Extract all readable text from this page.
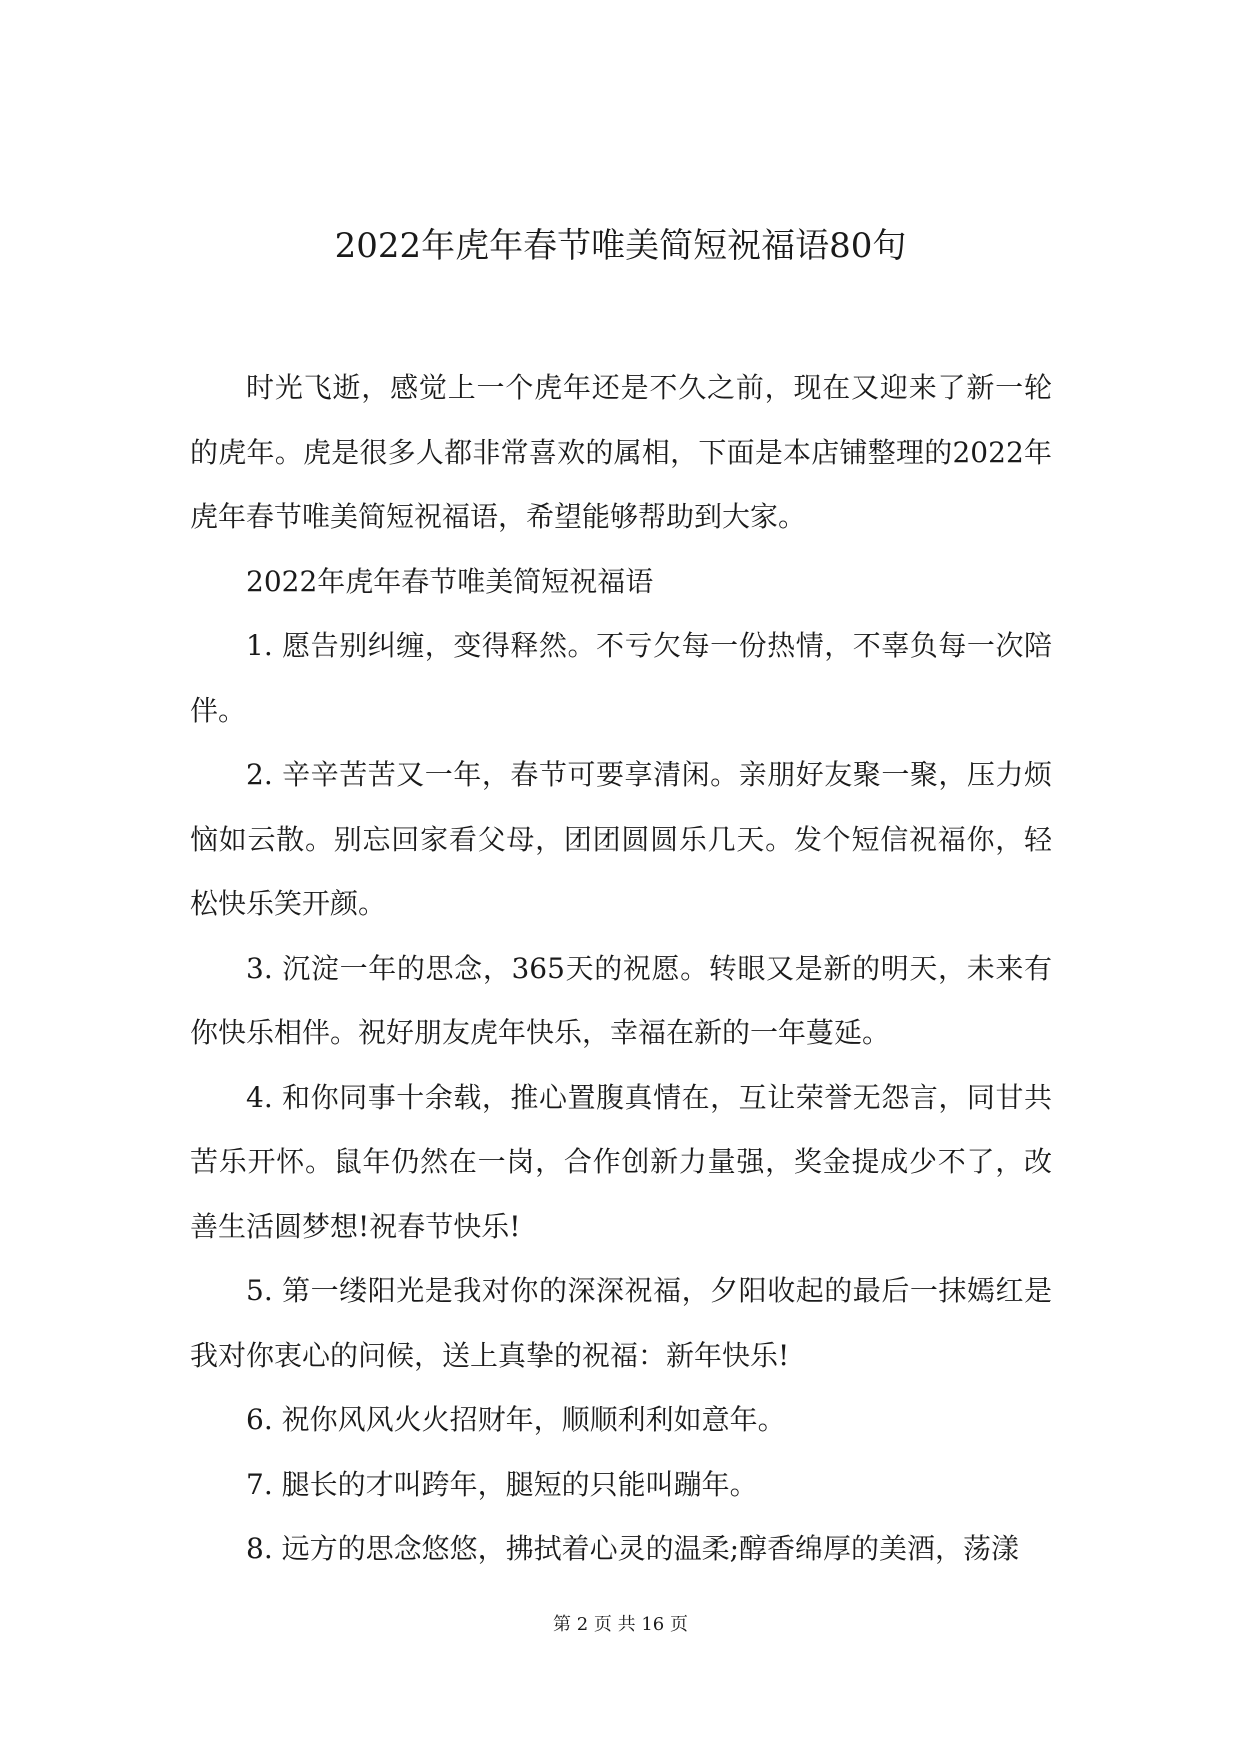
2022年虎年春节唯美简短祝福语80句

时光飞逝，感觉上一个虎年还是不久之前，现在又迎来了新一轮的虎年。虎是很多人都非常喜欢的属相，下面是本店铺整理的2022年虎年春节唯美简短祝福语，希望能够帮助到大家。

2022年虎年春节唯美简短祝福语

1. 愿告别纠缠，变得释然。不亏欠每一份热情，不辜负每一次陪伴。

2. 辛辛苦苦又一年，春节可要享清闲。亲朋好友聚一聚，压力烦恼如云散。别忘回家看父母，团团圆圆乐几天。发个短信祝福你，轻松快乐笑开颜。

3. 沉淀一年的思念，365天的祝愿。转眼又是新的明天，未来有你快乐相伴。祝好朋友虎年快乐，幸福在新的一年蔓延。

4. 和你同事十余载，推心置腹真情在，互让荣誉无怨言，同甘共苦乐开怀。鼠年仍然在一岗，合作创新力量强，奖金提成少不了，改善生活圆梦想!祝春节快乐!

5. 第一缕阳光是我对你的深深祝福，夕阳收起的最后一抹嫣红是我对你衷心的问候，送上真挚的祝福：新年快乐!

6. 祝你风风火火招财年，顺顺利利如意年。

7. 腿长的才叫跨年，腿短的只能叫蹦年。

8. 远方的思念悠悠，拂拭着心灵的温柔;醇香绵厚的美酒，荡漾

第 2 页 共 16 页
